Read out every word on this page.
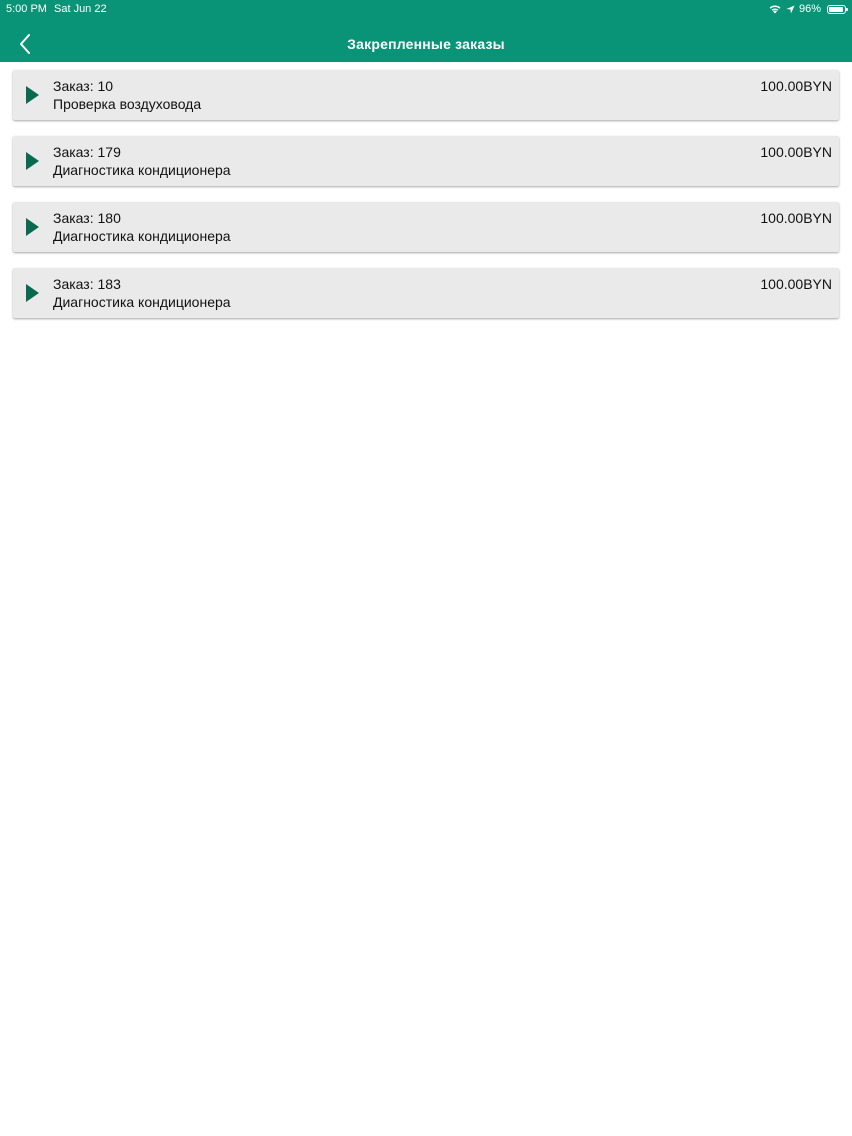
5:00 PM Sat Jun 22	96%
Закрепленные заказы
Заказ: 10
Проверка воздуховода
100.00BYN
Заказ: 179
Диагностика кондиционера
100.00BYN
Заказ: 180
Диагностика кондиционера
100.00BYN
Заказ: 183
Диагностика кондиционера
100.00BYN
